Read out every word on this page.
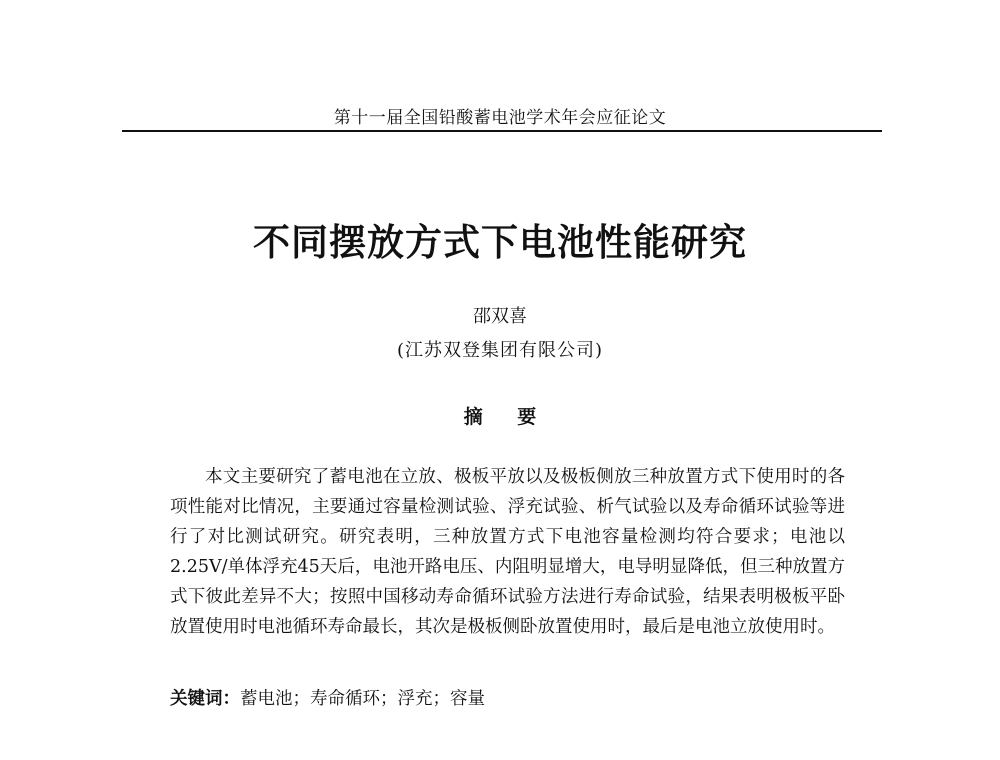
第十一届全国铅酸蓄电池学术年会应征论文
不同摆放方式下电池性能研究
邵双喜
(江苏双登集团有限公司)
摘 要

本文主要研究了蓄电池在立放、极板平放以及极板侧放三种放置方式下使用时的各项性能对比情况，主要通过容量检测试验、浮充试验、析气试验以及寿命循环试验等进行了对比测试研究。研究表明，三种放置方式下电池容量检测均符合要求；电池以2.25V/单体浮充45天后，电池开路电压、内阻明显增大，电导明显降低，但三种放置方式下彼此差异不大；按照中国移动寿命循环试验方法进行寿命试验，结果表明极板平卧放置使用时电池循环寿命最长，其次是极板侧卧放置使用时，最后是电池立放使用时。

关键词：蓄电池；寿命循环；浮充；容量
